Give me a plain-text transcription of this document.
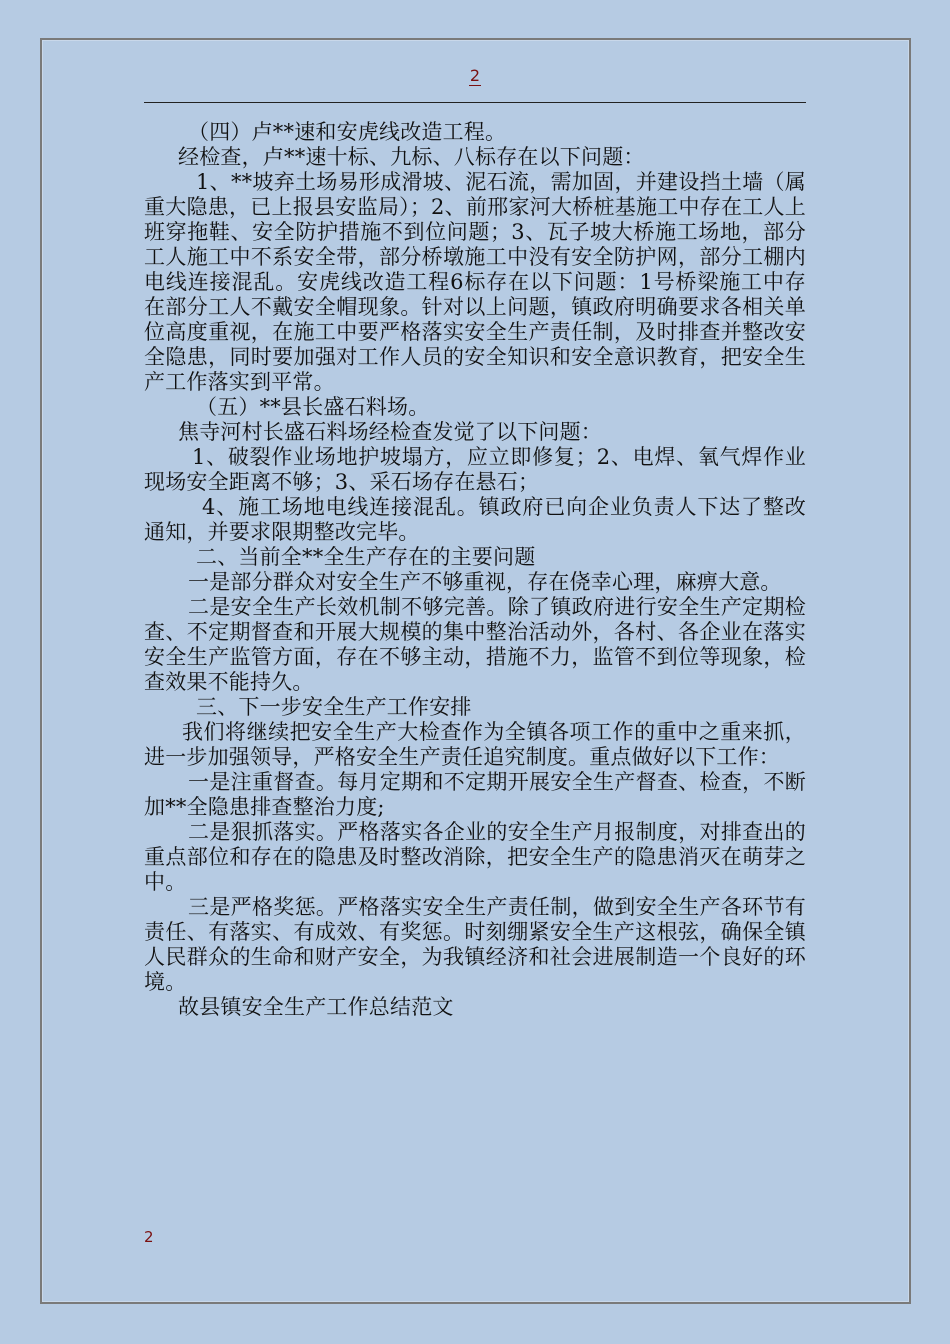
2

（四）卢**速和安虎线改造工程。

经检查，卢**速十标、九标、八标存在以下问题：

1、**坡弃土场易形成滑坡、泥石流，需加固，并建设挡土墙（属重大隐患，已上报县安监局）；2、前邢家河大桥桩基施工中存在工人上班穿拖鞋、安全防护措施不到位问题；3、瓦子坡大桥施工场地，部分工人施工中不系安全带，部分桥墩施工中没有安全防护网，部分工棚内电线连接混乱。安虎线改造工程6标存在以下问题：1号桥梁施工中存在部分工人不戴安全帽现象。针对以上问题，镇政府明确要求各相关单位高度重视，在施工中要严格落实安全生产责任制，及时排查并整改安全隐患，同时要加强对工作人员的安全知识和安全意识教育，把安全生产工作落实到平常。

（五）**县长盛石料场。

焦寺河村长盛石料场经检查发觉了以下问题：

1、破裂作业场地护坡塌方，应立即修复；2、电焊、氧气焊作业现场安全距离不够；3、采石场存在悬石；

4、施工场地电线连接混乱。镇政府已向企业负责人下达了整改通知，并要求限期整改完毕。

二、当前全**全生产存在的主要问题

一是部分群众对安全生产不够重视，存在侥幸心理，麻痹大意。

二是安全生产长效机制不够完善。除了镇政府进行安全生产定期检查、不定期督查和开展大规模的集中整治活动外，各村、各企业在落实安全生产监管方面，存在不够主动，措施不力，监管不到位等现象，检查效果不能持久。

三、下一步安全生产工作安排

我们将继续把安全生产大检查作为全镇各项工作的重中之重来抓，进一步加强领导，严格安全生产责任追究制度。重点做好以下工作：

一是注重督查。每月定期和不定期开展安全生产督查、检查，不断加**全隐患排查整治力度;

二是狠抓落实。严格落实各企业的安全生产月报制度，对排查出的重点部位和存在的隐患及时整改消除，把安全生产的隐患消灭在萌芽之中。

三是严格奖惩。严格落实安全生产责任制，做到安全生产各环节有责任、有落实、有成效、有奖惩。时刻绷紧安全生产这根弦，确保全镇人民群众的生命和财产安全，为我镇经济和社会进展制造一个良好的环境。

故县镇安全生产工作总结范文

2
